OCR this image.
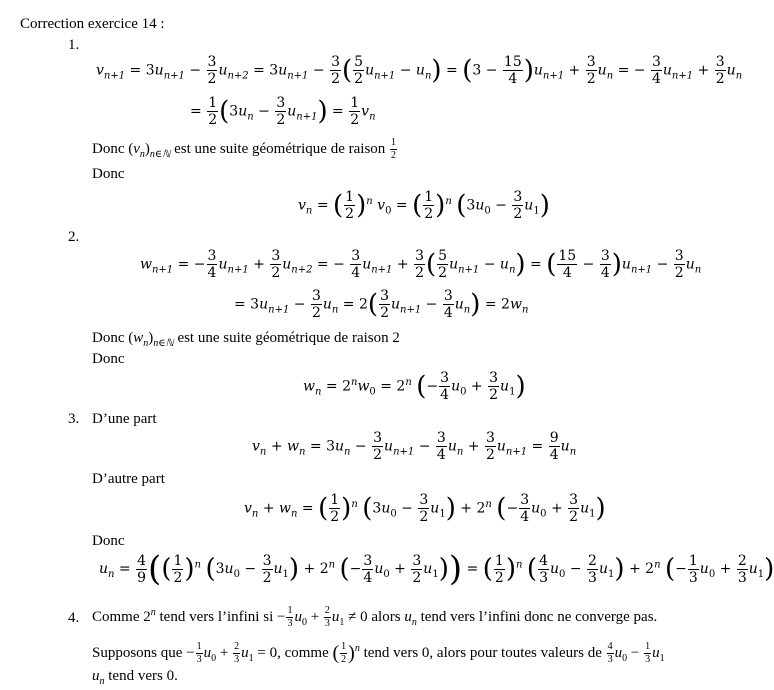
Correction exercice 14 :
1.
$v_{n+1} = 3u_{n+1} - \frac{3}{2} u_{n+2} = 3u_{n+1} - \frac{3}{2}$ ( $\frac{5}{2} u_{n+1} - u_n) = (3 - \frac{15}{4} )u_{n+1} + \frac{3}{2} u_n$ = − $\frac{3}{4} u_{n+1} + \frac{3}{2} u_n$
= $\frac{1}{2} (3u_n - \frac{3}{2} u_{n+1}) = \frac{1}{2} v_n$
Donc $(v_n)_{n\in ℕ}$ est une suite géométrique de raison $\frac{1}{2}$
Donc
$v_n$ = ( $\frac{1}{2} )^n$ $v_0$ = ( $\frac{1}{2} )^n$ $(3u_0 - \frac{3}{2} u_1)$
2.
$w_{n+1}$ = − $\frac{3}{4} u_{n+1} + \frac{3}{2} u_{n+2}$ = − $\frac{3}{4} u_{n+1} + \frac{3}{2}$ ( $\frac{5}{2} u_{n+1} - u_n$) = ( $\frac{15}{4} - \frac{3}{4} )u_{n+1} - \frac{3}{2} u_n$
= $3u_{n+1} - \frac{3}{2} u_n = 2( \frac{3}{2} u_{n+1} - \frac{3}{4} u_n) = 2w_n$
Donc $(w_n)_{n\in ℕ}$ est une suite géométrique de raison 2
Donc
$w_n = 2^nw_0 = 2^n$ (− $\frac{3}{4} u_0 + \frac{3}{2} u_1$)
3. D’une part
$v_n + w_n = 3u_n - \frac{3}{2} u_{n+1} - \frac{3}{4} u_n + \frac{3}{2} u_{n+1} = \frac{9}{4} u_n$
D’autre part
$v_n + w_n$ = ( $\frac{1}{2} )^n$ $(3u_0 - \frac{3}{2} u_1) + 2^n$ (− $\frac{3}{4} u_0 + \frac{3}{2} u_1$)
Donc
$u_n = \frac{4}{9}$ (( $\frac{1}{2} )^n$ $(3u_0 - \frac{3}{2} u_1) + 2^n$ (− $\frac{3}{4} u_0 + \frac{3}{2} u_1$)) = ( $\frac{1}{2} )^n$ ( $\frac{4}{3} u_0 - \frac{2}{3} u_1) + 2^n$ (− $\frac{1}{3} u_0 + \frac{2}{3} u_1$)
4. Comme 2$^n$ tend vers l’infini si − $\frac{1}{3} u_0 + \frac{2}{3} u_1 \ne 0$ alors $u_n$ tend vers l’infini donc ne converge pas.
Supposons que − $\frac{1}{3} u_0 + \frac{2}{3} u_1 = 0$, comme ( $\frac{1}{2} )^n$ tend vers 0, alors pour toutes valeurs de $\frac{4}{3} u_0 - \frac{1}{3} u_1$
$u_n$ tend vers 0.
